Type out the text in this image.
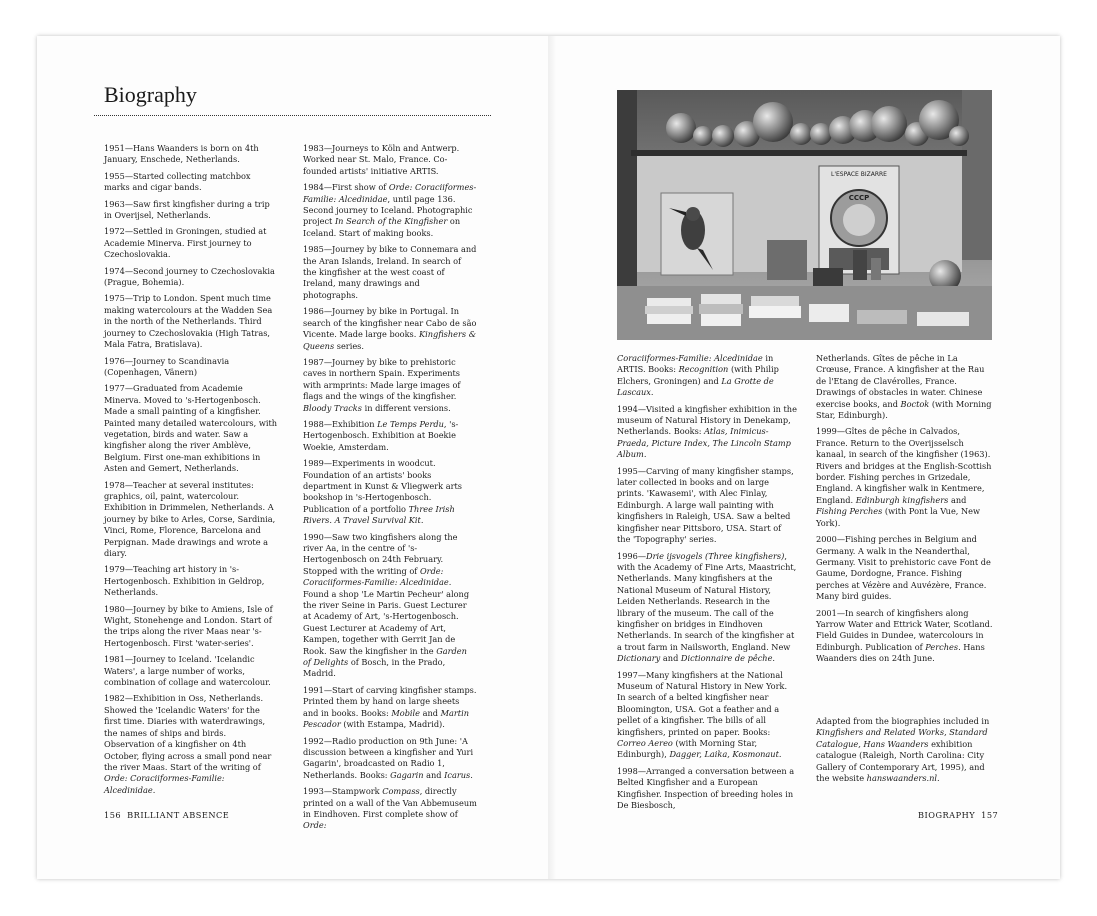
Biography

1951—Hans Waanders is born on 4th January, Enschede, Netherlands.

1955—Started collecting matchbox marks and cigar bands.

1963—Saw first kingfisher during a trip in Overijsel, Netherlands.

1972—Settled in Groningen, studied at Academie Minerva. First journey to Czechoslovakia.

1974—Second journey to Czechoslovakia (Prague, Bohemia).

1975—Trip to London. Spent much time making watercolours at the Wadden Sea in the north of the Netherlands. Third journey to Czechoslovakia (High Tatras, Mala Fatra, Bratislava).

1976—Journey to Scandinavia (Copenhagen, Vänern)

1977—Graduated from Academie Minerva. Moved to 's-Hertogenbosch. Made a small painting of a kingfisher. Painted many detailed watercolours, with vegetation, birds and water. Saw a kingfisher along the river Amblève, Belgium. First one-man exhibitions in Asten and Gemert, Netherlands.

1978—Teacher at several institutes: graphics, oil, paint, watercolour. Exhibition in Drimmelen, Netherlands. A journey by bike to Arles, Corse, Sardinia, Vinci, Rome, Florence, Barcelona and Perpignan. Made drawings and wrote a diary.

1979—Teaching art history in 's-Hertogenbosch. Exhibition in Geldrop, Netherlands.

1980—Journey by bike to Amiens, Isle of Wight, Stonehenge and London. Start of the trips along the river Maas near 's-Hertogenbosch. First 'water-series'.

1981—Journey to Iceland. 'Icelandic Waters', a large number of works, combination of collage and watercolour.

1982—Exhibition in Oss, Netherlands. Showed the 'Icelandic Waters' for the first time. Diaries with waterdrawings, the names of ships and birds. Observation of a kingfisher on 4th October, flying across a small pond near the river Maas. Start of the writing of Orde: Coraciiformes-Familie: Alcedinidae.

1983—Journeys to Köln and Antwerp. Worked near St. Malo, France. Co-founded artists' initiative ARTIS.

1984—First show of Orde: Coraciiformes-Familie: Alcedinidae, until page 136. Second journey to Iceland. Photographic project In Search of the Kingfisher on Iceland. Start of making books.

1985—Journey by bike to Connemara and the Aran Islands, Ireland. In search of the kingfisher at the west coast of Ireland, many drawings and photographs.

1986—Journey by bike in Portugal. In search of the kingfisher near Cabo de são Vicente. Made large books. Kingfishers & Queens series.

1987—Journey by bike to prehistoric caves in northern Spain. Experiments with armprints: Made large images of flags and the wings of the kingfisher. Bloody Tracks in different versions.

1988—Exhibition Le Temps Perdu, 's-Hertogenbosch. Exhibition at Boekie Woekie, Amsterdam.

1989—Experiments in woodcut. Foundation of an artists' books department in Kunst & Vliegwerk arts bookshop in 's-Hertogenbosch. Publication of a portfolio Three Irish Rivers. A Travel Survival Kit.

1990—Saw two kingfishers along the river Aa, in the centre of 's-Hertogenbosch on 24th February. Stopped with the writing of Orde: Coraciiformes-Familie: Alcedinidae. Found a shop 'Le Martin Pecheur' along the river Seine in Paris. Guest Lecturer at Academy of Art, 's-Hertogenbosch. Guest Lecturer at Academy of Art, Kampen, together with Gerrit Jan de Rook. Saw the kingfisher in the Garden of Delights of Bosch, in the Prado, Madrid.

1991—Start of carving kingfisher stamps. Printed them by hand on large sheets and in books. Books: Mobile and Martin Pescador (with Estampa, Madrid).

1992—Radio production on 9th June: 'A discussion between a kingfisher and Yuri Gagarin', broadcasted on Radio 1, Netherlands. Books: Gagarin and Icarus.

1993—Stampwork Compass, directly printed on a wall of the Van Abbemuseum in Eindhoven. First complete show of Orde:

Coraciiformes-Familie: Alcedinidae in ARTIS. Books: Recognition (with Philip Elchers, Groningen) and La Grotte de Lascaux.

1994—Visited a kingfisher exhibition in the museum of Natural History in Denekamp, Netherlands. Books: Atlas, Inimicus-Praeda, Picture Index, The Lincoln Stamp Album.

1995—Carving of many kingfisher stamps, later collected in books and on large prints. 'Kawasemi', with Alec Finlay, Edinburgh. A large wall painting with kingfishers in Raleigh, USA. Saw a belted kingfisher near Pittsboro, USA. Start of the 'Topography' series.

1996—Drie ijsvogels (Three kingfishers), with the Academy of Fine Arts, Maastricht, Netherlands. Many kingfishers at the National Museum of Natural History, Leiden Netherlands. Research in the library of the museum. The call of the kingfisher on bridges in Eindhoven Netherlands. In search of the kingfisher at a trout farm in Nailsworth, England. New Dictionary and Dictionnaire de pêche.

1997—Many kingfishers at the National Museum of Natural History in New York. In search of a belted kingfisher near Bloomington, USA. Got a feather and a pellet of a kingfisher. The bills of all kingfishers, printed on paper. Books: Correo Aereo (with Morning Star, Edinburgh), Dagger, Laika, Kosmonaut.

1998—Arranged a conversation between a Belted Kingfisher and a European Kingfisher. Inspection of breeding holes in De Biesbosch,

Netherlands. Gîtes de pêche in La Crœuse, France. A kingfisher at the Rau de l'Etang de Clavérolles, France. Drawings of obstacles in water. Chinese exercise books, and Boctok (with Morning Star, Edinburgh).

1999—Gîtes de pêche in Calvados, France. Return to the Overijsselsch kanaal, in search of the kingfisher (1963). Rivers and bridges at the English-Scottish border. Fishing perches in Grizedale, England. A kingfisher walk in Kentmere, England. Edinburgh kingfishers and Fishing Perches (with Pont la Vue, New York).

2000—Fishing perches in Belgium and Germany. A walk in the Neanderthal, Germany. Visit to prehistoric cave Font de Gaume, Dordogne, France. Fishing perches at Vézère and Auvézère, France. Many bird guides.

2001—In search of kingfishers along Yarrow Water and Ettrick Water, Scotland. Field Guides in Dundee, watercolours in Edinburgh. Publication of Perches. Hans Waanders dies on 24th June.

Adapted from the biographies included in Kingfishers and Related Works, Standard Catalogue, Hans Waanders exhibition catalogue (Raleigh, North Carolina: City Gallery of Contemporary Art, 1995), and the website hanswaanders.nl.

L'ESPACE BIZARRE
CCCP
156 BRILLIANT ABSENCE	BIOGRAPHY 157
